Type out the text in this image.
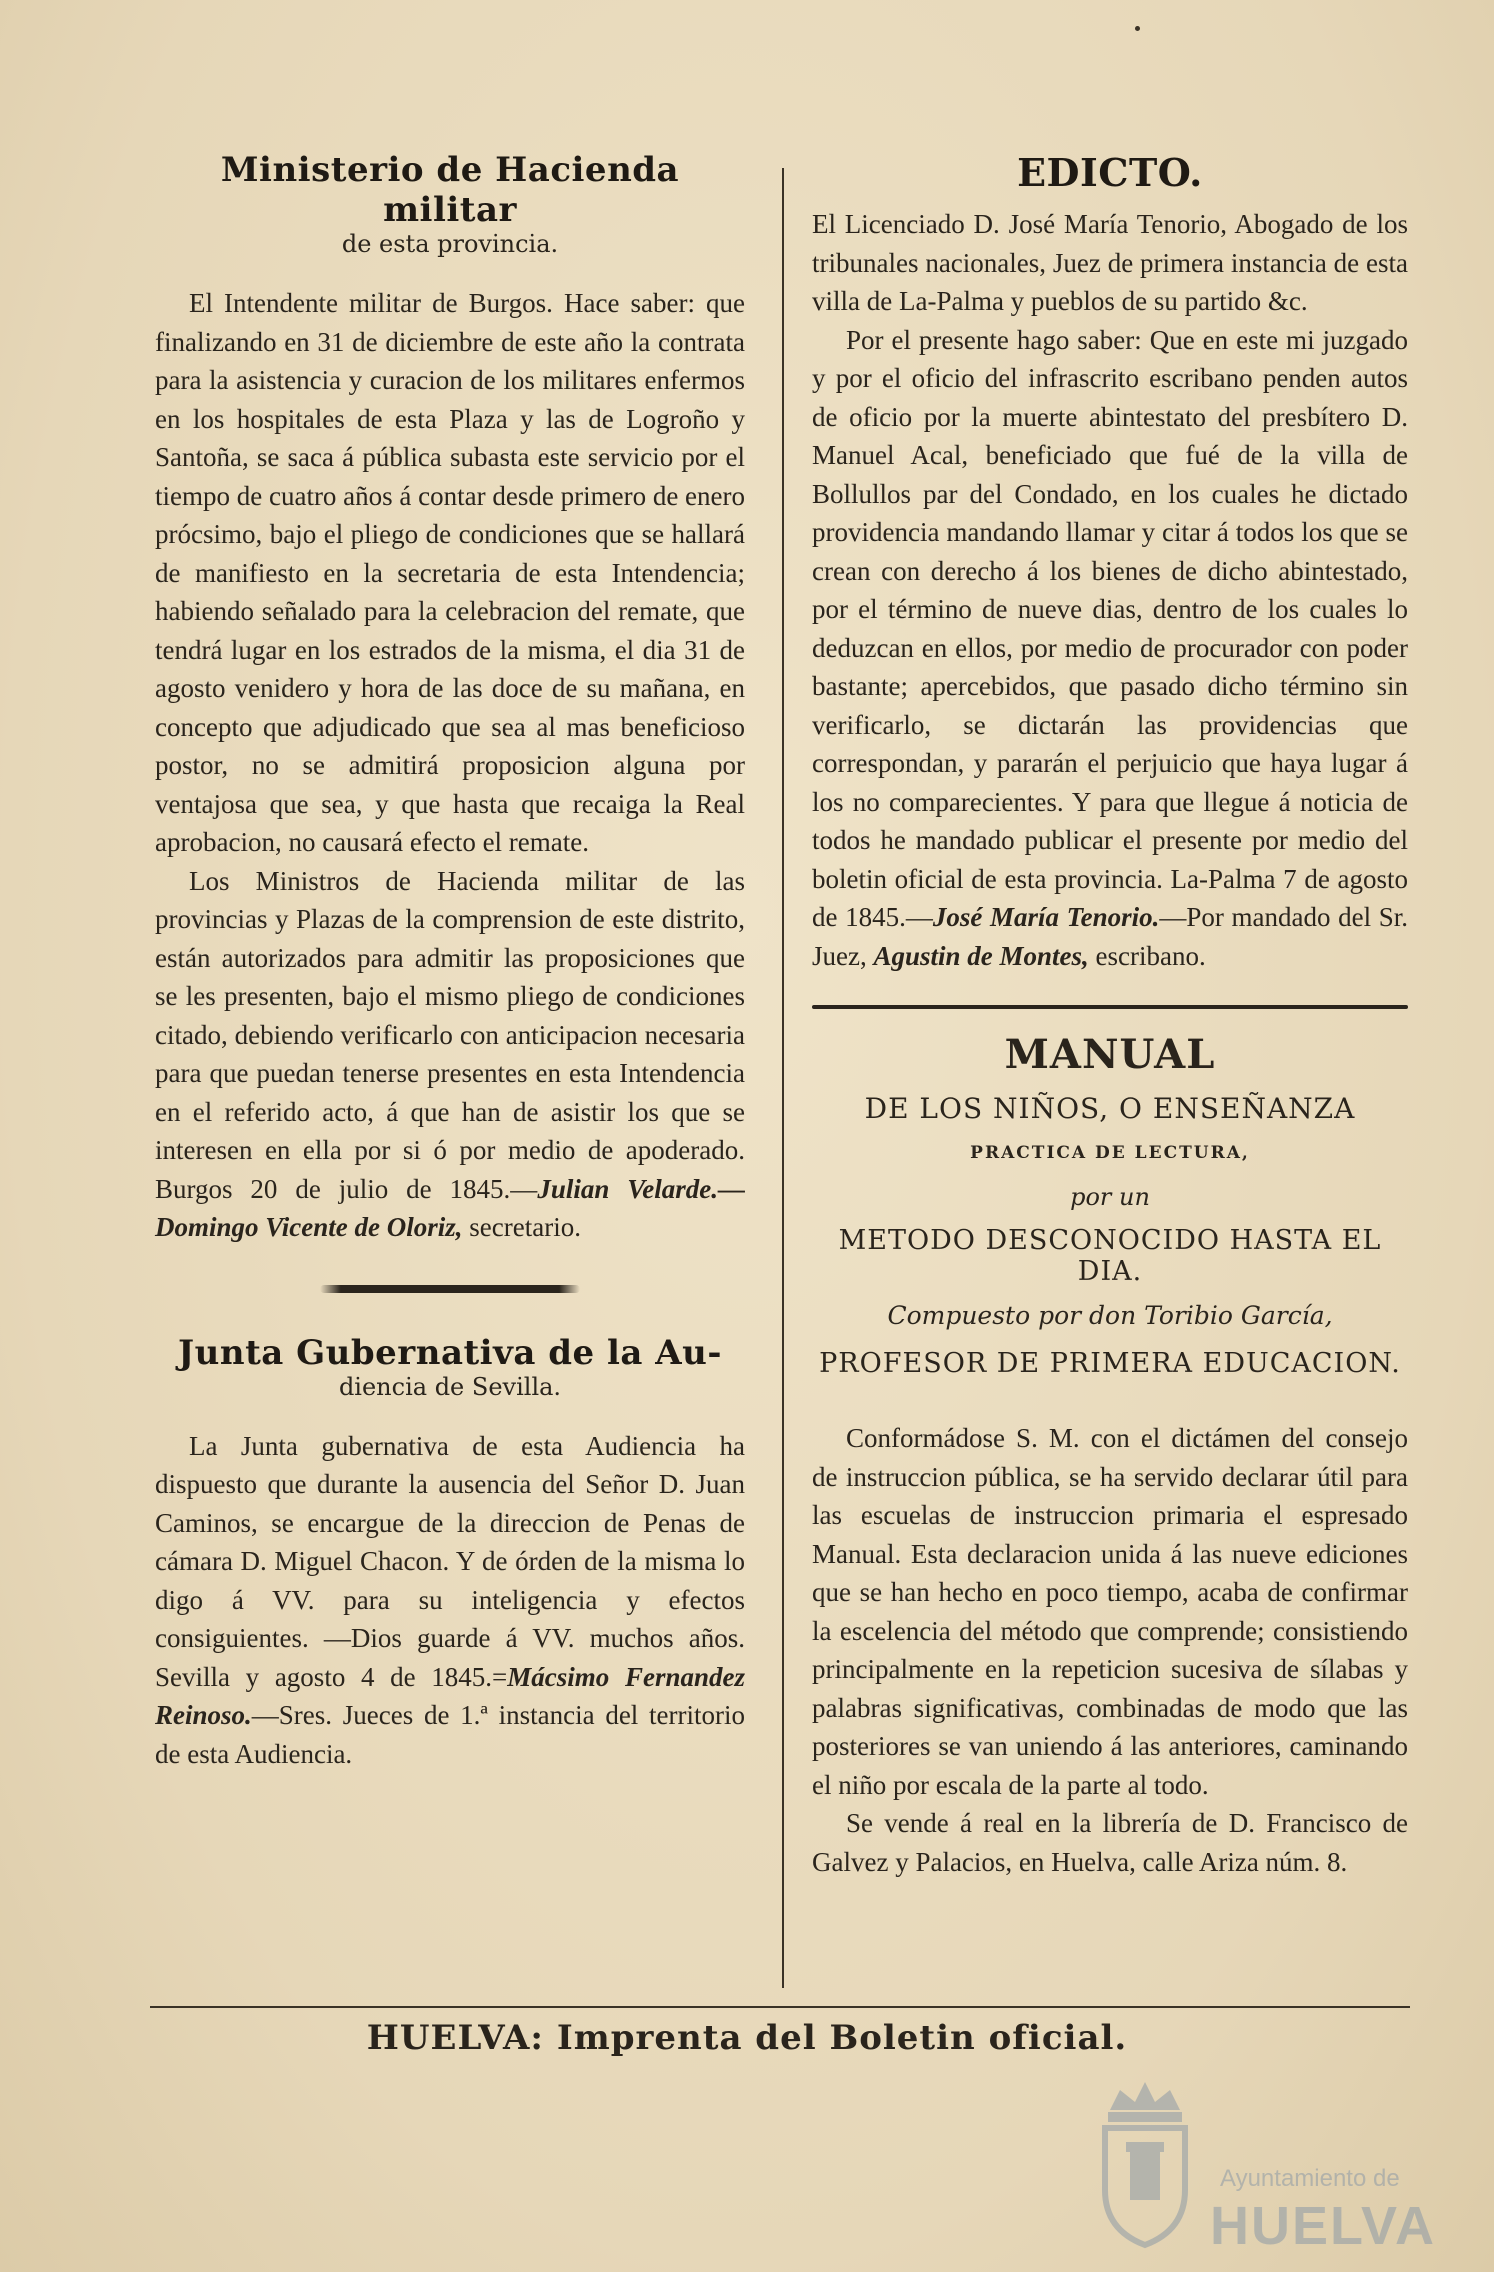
Ministerio de Hacienda militar
de esta provincia.

El Intendente militar de Burgos. Hace saber: que finalizando en 31 de diciembre de este año la contrata para la asistencia y curacion de los militares enfermos en los hospitales de esta Plaza y las de Logroño y Santoña, se saca á pública subasta este servicio por el tiempo de cuatro años á contar desde primero de enero prócsimo, bajo el pliego de condiciones que se hallará de manifiesto en la secretaria de esta Intendencia; habiendo señalado para la celebracion del remate, que tendrá lugar en los estrados de la misma, el dia 31 de agosto venidero y hora de las doce de su mañana, en concepto que adjudicado que sea al mas beneficioso postor, no se admitirá proposicion alguna por ventajosa que sea, y que hasta que recaiga la Real aprobacion, no causará efecto el remate.

Los Ministros de Hacienda militar de las provincias y Plazas de la comprension de este distrito, están autorizados para admitir las proposiciones que se les presenten, bajo el mismo pliego de condiciones citado, debiendo verificarlo con anticipacion necesaria para que puedan tenerse presentes en esta Intendencia en el referido acto, á que han de asistir los que se interesen en ella por si ó por medio de apoderado. Burgos 20 de julio de 1845.—Julian Velarde.—Domingo Vicente de Oloriz, secretario.

Junta Gubernativa de la Au-
diencia de Sevilla.

La Junta gubernativa de esta Audiencia ha dispuesto que durante la ausencia del Señor D. Juan Caminos, se encargue de la direccion de Penas de cámara D. Miguel Chacon. Y de órden de la misma lo digo á VV. para su inteligencia y efectos consiguientes. —Dios guarde á VV. muchos años. Sevilla y agosto 4 de 1845.=Mácsimo Fernandez Reinoso.—Sres. Jueces de 1.ª instancia del territorio de esta Audiencia.

EDICTO.

El Licenciado D. José María Tenorio, Abogado de los tribunales nacionales, Juez de primera instancia de esta villa de La-Palma y pueblos de su partido &c.

Por el presente hago saber: Que en este mi juzgado y por el oficio del infrascrito escribano penden autos de oficio por la muerte abintestato del presbítero D. Manuel Acal, beneficiado que fué de la villa de Bollullos par del Condado, en los cuales he dictado providencia mandando llamar y citar á todos los que se crean con derecho á los bienes de dicho abintestado, por el término de nueve dias, dentro de los cuales lo deduzcan en ellos, por medio de procurador con poder bastante; apercebidos, que pasado dicho término sin verificarlo, se dictarán las providencias que correspondan, y pararán el perjuicio que haya lugar á los no comparecientes. Y para que llegue á noticia de todos he mandado publicar el presente por medio del boletin oficial de esta provincia. La-Palma 7 de agosto de 1845.—José María Tenorio.—Por mandado del Sr. Juez, Agustin de Montes, escribano.

MANUAL
DE LOS NIÑOS, O ENSEÑANZA
PRACTICA DE LECTURA,
por un
METODO DESCONOCIDO HASTA EL DIA.
Compuesto por don Toribio García,
PROFESOR DE PRIMERA EDUCACION.

Conformádose S. M. con el dictámen del consejo de instruccion pública, se ha servido declarar útil para las escuelas de instruccion primaria el espresado Manual. Esta declaracion unida á las nueve ediciones que se han hecho en poco tiempo, acaba de confirmar la escelencia del método que comprende; consistiendo principalmente en la repeticion sucesiva de sílabas y palabras significativas, combinadas de modo que las posteriores se van uniendo á las anteriores, caminando el niño por escala de la parte al todo.

Se vende á real en la librería de D. Francisco de Galvez y Palacios, en Huelva, calle Ariza núm. 8.

HUELVA: Imprenta del Boletin oficial.
Ayuntamiento de
HUELVA
